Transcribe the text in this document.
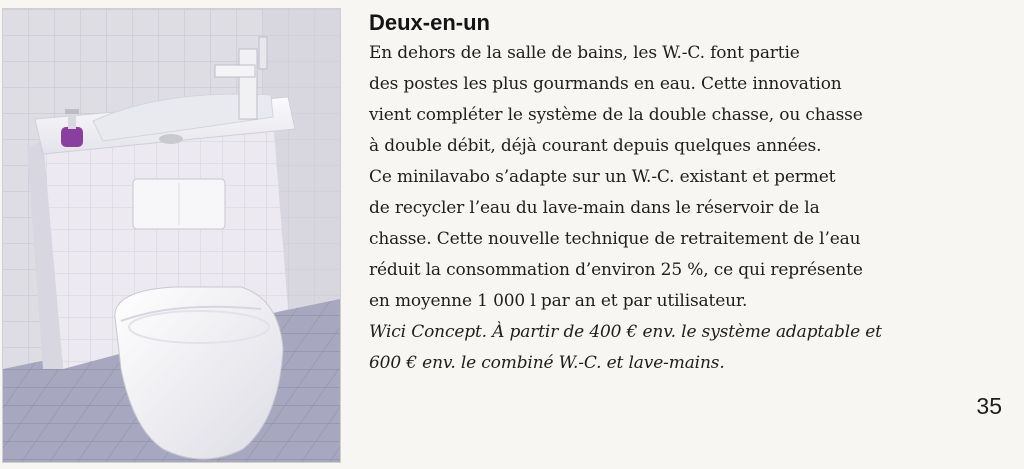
Deux-en-un

En dehors de la salle de bains, les W.-C. font partie
des postes les plus gourmands en eau. Cette innovation
vient compléter le système de la double chasse, ou chasse
à double débit, déjà courant depuis quelques années.
Ce minilavabo s’adapte sur un W.-C. existant et permet
de recycler l’eau du lave-main dans le réservoir de la
chasse. Cette nouvelle technique de retraitement de l’eau
réduit la consommation d’environ 25 %, ce qui représente
en moyenne 1 000 l par an et par utilisateur.

Wici Concept. À partir de 400 € env. le système adaptable et
600 € env. le combiné W.-C. et lave-mains.

35
